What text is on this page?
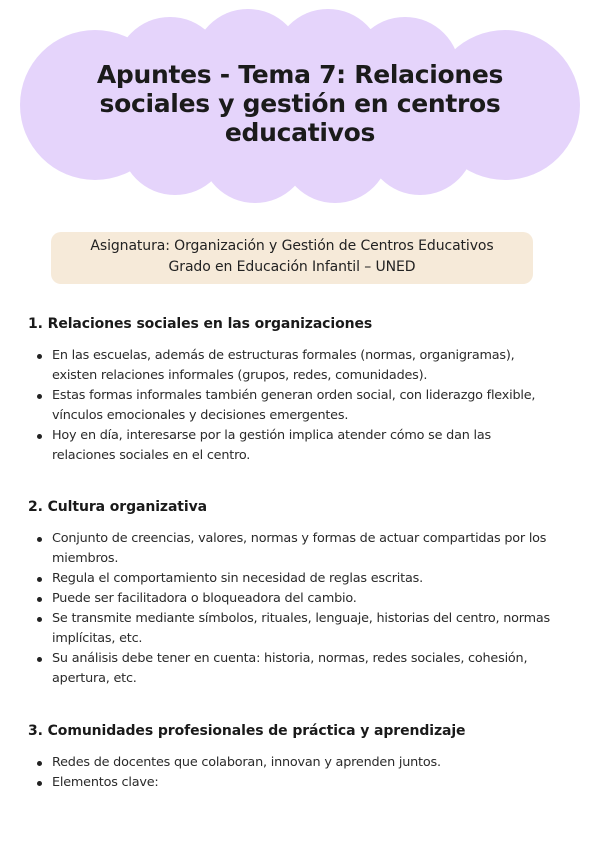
Apuntes - Tema 7: Relaciones sociales y gestión en centros educativos
Asignatura: Organización y Gestión de Centros Educativos
Grado en Educación Infantil – UNED
1. Relaciones sociales en las organizaciones
En las escuelas, además de estructuras formales (normas, organigramas), existen relaciones informales (grupos, redes, comunidades).
Estas formas informales también generan orden social, con liderazgo flexible, vínculos emocionales y decisiones emergentes.
Hoy en día, interesarse por la gestión implica atender cómo se dan las relaciones sociales en el centro.
2. Cultura organizativa
Conjunto de creencias, valores, normas y formas de actuar compartidas por los miembros.
Regula el comportamiento sin necesidad de reglas escritas.
Puede ser facilitadora o bloqueadora del cambio.
Se transmite mediante símbolos, rituales, lenguaje, historias del centro, normas implícitas, etc.
Su análisis debe tener en cuenta: historia, normas, redes sociales, cohesión, apertura, etc.
3. Comunidades profesionales de práctica y aprendizaje
Redes de docentes que colaboran, innovan y aprenden juntos.
Elementos clave:
